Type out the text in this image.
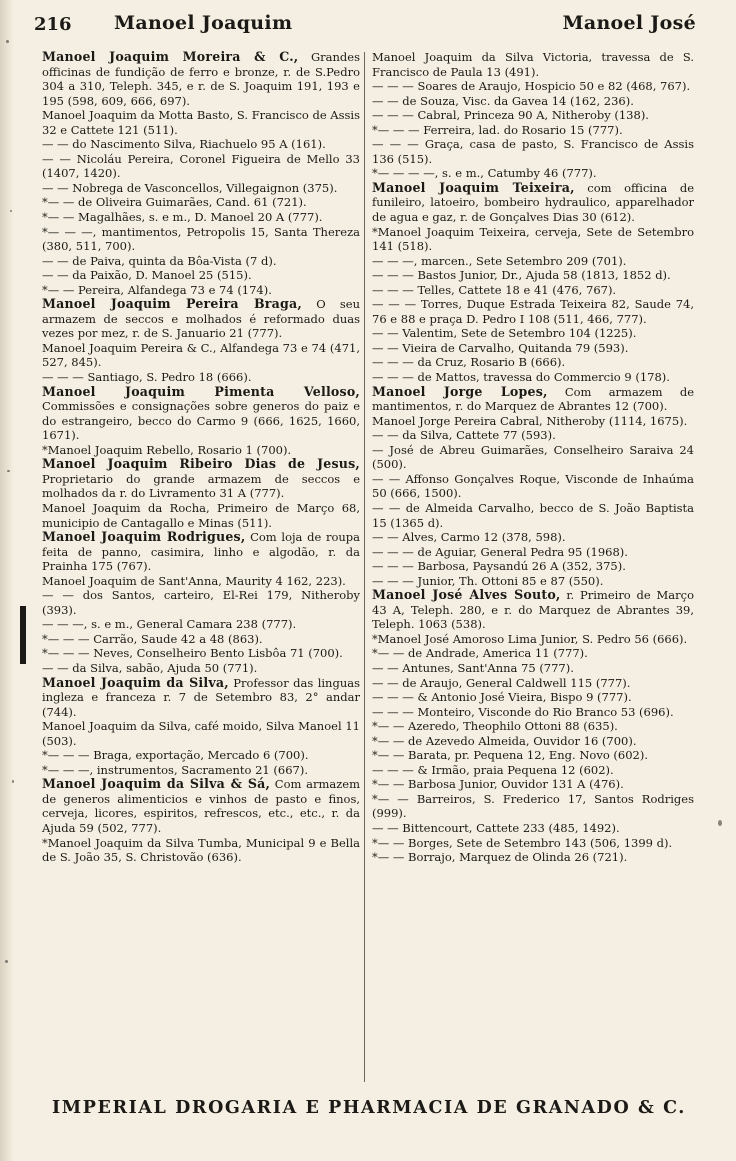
216 Manoel Joaquim	Manoel José

Manoel Joaquim Moreira & C., Grandes officinas de fundição de ferro e bronze, r. de S.Pedro 304 a 310, Teleph. 345, e r. de S. Joaquim 191, 193 e 195 (598, 609, 666, 697).

Manoel Joaquim da Motta Basto, S. Francisco de Assis 32 e Cattete 121 (511).

— — do Nascimento Silva, Riachuelo 95 A (161).

— — Nicoláu Pereira, Coronel Figueira de Mello 33 (1407, 1420).

— — Nobrega de Vasconcellos, Villegaignon (375).

*— — de Oliveira Guimarães, Cand. 61 (721).

*— — Magalhães, s. e m., D. Manoel 20 A (777).

*— — —, mantimentos, Petropolis 15, Santa Thereza (380, 511, 700).

— — de Paiva, quinta da Bôa-Vista (7 d).

— — da Paixão, D. Manoel 25 (515).

*— — Pereira, Alfandega 73 e 74 (174).

Manoel Joaquim Pereira Braga, O seu armazem de seccos e molhados é reformado duas vezes por mez, r. de S. Januario 21 (777).

Manoel Joaquim Pereira & C., Alfandega 73 e 74 (471, 527, 845).

— — — Santiago, S. Pedro 18 (666).

Manoel Joaquim Pimenta Velloso, Commissões e consignações sobre generos do paiz e do estrangeiro, becco do Carmo 9 (666, 1625, 1660, 1671).

*Manoel Joaquim Rebello, Rosario 1 (700).

Manoel Joaquim Ribeiro Dias de Jesus, Proprietario do grande armazem de seccos e molhados da r. do Livramento 31 A (777).

Manoel Joaquim da Rocha, Primeiro de Março 68, municipio de Cantagallo e Minas (511).

Manoel Joaquim Rodrigues, Com loja de roupa feita de panno, casimira, linho e algodão, r. da Prainha 175 (767).

Manoel Joaquim de Sant'Anna, Maurity 4 162, 223).

— — dos Santos, carteiro, El-Rei 179, Nitheroby (393).

— — —, s. e m., General Camara 238 (777).

*— — — Carrão, Saude 42 a 48 (863).

*— — — Neves, Conselheiro Bento Lisbôa 71 (700).

— — da Silva, sabão, Ajuda 50 (771).

Manoel Joaquim da Silva, Professor das linguas ingleza e franceza r. 7 de Setembro 83, 2° andar (744).

Manoel Joaquim da Silva, café moido, Silva Manoel 11 (503).

*— — — Braga, exportação, Mercado 6 (700).

*— — —, instrumentos, Sacramento 21 (667).

Manoel Joaquim da Silva & Sá, Com armazem de generos alimenticios e vinhos de pasto e finos, cerveja, licores, espiritos, refrescos, etc., etc., r. da Ajuda 59 (502, 777).

*Manoel Joaquim da Silva Tumba, Municipal 9 e Bella de S. João 35, S. Christovão (636).

Manoel Joaquim da Silva Victoria, travessa de S. Francisco de Paula 13 (491).

— — — Soares de Araujo, Hospicio 50 e 82 (468, 767).

— — de Souza, Visc. da Gavea 14 (162, 236).

— — — Cabral, Princeza 90 A, Nitheroby (138).

*— — — Ferreira, lad. do Rosario 15 (777).

— — — Graça, casa de pasto, S. Francisco de Assis 136 (515).

*— — — —, s. e m., Catumby 46 (777).

Manoel Joaquim Teixeira, com officina de funileiro, latoeiro, bombeiro hydraulico, apparelhador de agua e gaz, r. de Gonçalves Dias 30 (612).

*Manoel Joaquim Teixeira, cerveja, Sete de Setembro 141 (518).

— — —, marcen., Sete Setembro 209 (701).

— — — Bastos Junior, Dr., Ajuda 58 (1813, 1852 d).

— — — Telles, Cattete 18 e 41 (476, 767).

— — — Torres, Duque Estrada Teixeira 82, Saude 74, 76 e 88 e praça D. Pedro I 108 (511, 466, 777).

— — Valentim, Sete de Setembro 104 (1225).

— — Vieira de Carvalho, Quitanda 79 (593).

— — — da Cruz, Rosario B (666).

— — — de Mattos, travessa do Commercio 9 (178).

Manoel Jorge Lopes, Com armazem de mantimentos, r. do Marquez de Abrantes 12 (700).

Manoel Jorge Pereira Cabral, Nitheroby (1114, 1675).

— — da Silva, Cattete 77 (593).

— José de Abreu Guimarães, Conselheiro Saraiva 24 (500).

— — Affonso Gonçalves Roque, Visconde de Inhaúma 50 (666, 1500).

— — de Almeida Carvalho, becco de S. João Baptista 15 (1365 d).

— — Alves, Carmo 12 (378, 598).

— — — de Aguiar, General Pedra 95 (1968).

— — — Barbosa, Paysandú 26 A (352, 375).

— — — Junior, Th. Ottoni 85 e 87 (550).

Manoel José Alves Souto, r. Primeiro de Março 43 A, Teleph. 280, e r. do Marquez de Abrantes 39, Teleph. 1063 (538).

*Manoel José Amoroso Lima Junior, S. Pedro 56 (666).

*— — de Andrade, America 11 (777).

— — Antunes, Sant'Anna 75 (777).

— — de Araujo, General Caldwell 115 (777).

— — — & Antonio José Vieira, Bispo 9 (777).

— — — Monteiro, Visconde do Rio Branco 53 (696).

*— — Azeredo, Theophilo Ottoni 88 (635).

*— — de Azevedo Almeida, Ouvidor 16 (700).

*— — Barata, pr. Pequena 12, Eng. Novo (602).

— — — & Irmão, praia Pequena 12 (602).

*— — Barbosa Junior, Ouvidor 131 A (476).

*— — Barreiros, S. Frederico 17, Santos Rodriges (999).

— — Bittencourt, Cattete 233 (485, 1492).

*— — Borges, Sete de Setembro 143 (506, 1399 d).

*— — Borrajo, Marquez de Olinda 26 (721).

IMPERIAL DROGARIA E PHARMACIA DE GRANADO & C.
